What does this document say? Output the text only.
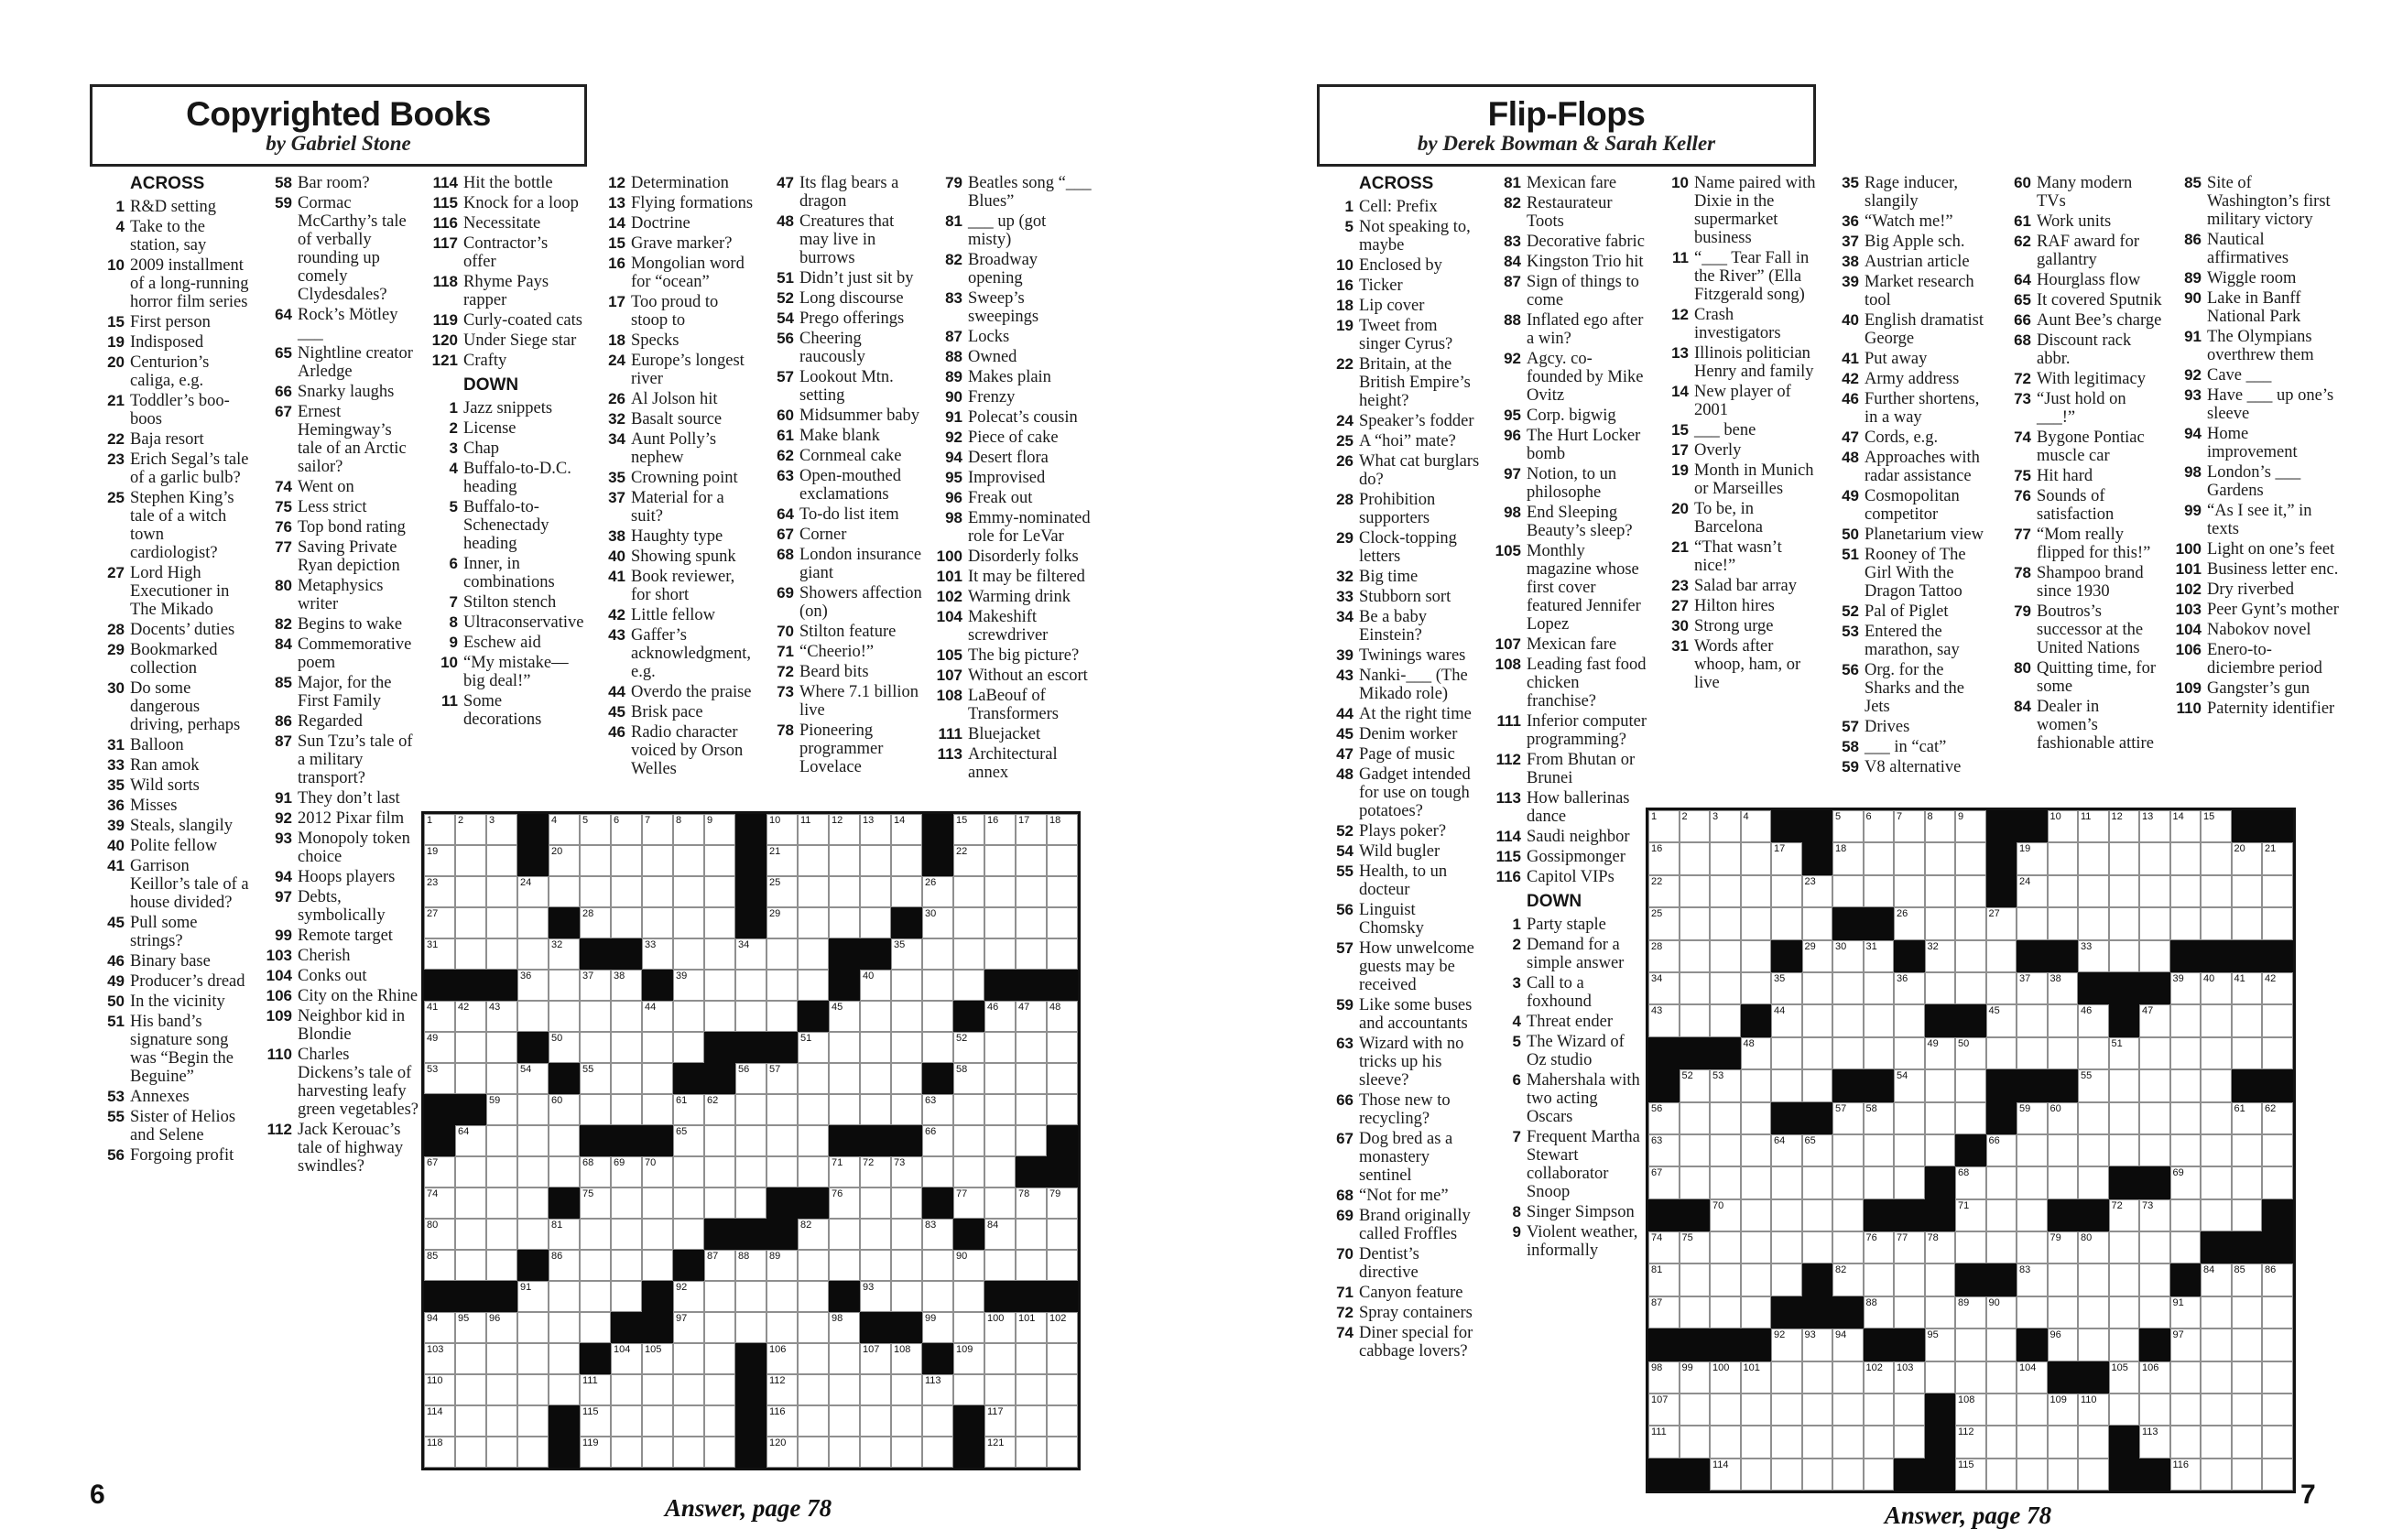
Copyrighted Books
by Gabriel Stone
ACROSS
1 R&D setting
4 Take to the station, say
10 2009 installment of a long-running horror film series
15 First person
19 Indisposed
20 Centurion’s caliga, e.g.
21 Toddler’s boo-boos
22 Baja resort
23 Erich Segal’s tale of a garlic bulb?
25 Stephen King’s tale of a witch town cardiologist?
27 Lord High Executioner in The Mikado
28 Docents’ duties
29 Bookmarked collection
30 Do some dangerous driving, perhaps
31 Balloon
33 Ran amok
35 Wild sorts
36 Misses
39 Steals, slangily
40 Polite fellow
41 Garrison Keillor’s tale of a house divided?
45 Pull some strings?
46 Binary base
49 Producer’s dread
50 In the vicinity
51 His band’s signature song was “Begin the Beguine”
53 Annexes
55 Sister of Helios and Selene
56 Forgoing profit
58 Bar room?
59 Cormac McCarthy’s tale of verbally rounding up comely Clydesdales?
64 Rock’s Mötley ___
65 Nightline creator Arledge
66 Snarky laughs
67 Ernest Hemingway’s tale of an Arctic sailor?
74 Went on
75 Less strict
76 Top bond rating
77 Saving Private Ryan depiction
80 Metaphysics writer
82 Begins to wake
84 Commemorative poem
85 Major, for the First Family
86 Regarded
87 Sun Tzu’s tale of a military transport?
91 They don’t last
92 2012 Pixar film
93 Monopoly token choice
94 Hoops players
97 Debts, symbolically
99 Remote target
103 Cherish
104 Conks out
106 City on the Rhine
109 Neighbor kid in Blondie
110 Charles Dickens’s tale of harvesting leafy green vegetables?
112 Jack Kerouac’s tale of highway swindles?
114 Hit the bottle
115 Knock for a loop
116 Necessitate
117 Contractor’s offer
118 Rhyme Pays rapper
119 Curly-coated cats
120 Under Siege star
121 Crafty
DOWN
1 Jazz snippets
2 License
3 Chap
4 Buffalo-to-D.C. heading
5 Buffalo-to-Schenectady heading
6 Inner, in combinations
7 Stilton stench
8 Ultraconservative
9 Eschew aid
10 “My mistake—big deal!”
11 Some decorations
12 Determination
13 Flying formations
14 Doctrine
15 Grave marker?
16 Mongolian word for “ocean”
17 Too proud to stoop to
18 Specks
24 Europe’s longest river
26 Al Jolson hit
32 Basalt source
34 Aunt Polly’s nephew
35 Crowning point
37 Material for a suit?
38 Haughty type
40 Showing spunk
41 Book reviewer, for short
42 Little fellow
43 Gaffer’s acknowledgment, e.g.
44 Overdo the praise
45 Brisk pace
46 Radio character voiced by Orson Welles
47 Its flag bears a dragon
48 Creatures that may live in burrows
51 Didn’t just sit by
52 Long discourse
54 Prego offerings
56 Cheering raucously
57 Lookout Mtn. setting
60 Midsummer baby
61 Make blank
62 Cornmeal cake
63 Open-mouthed exclamations
64 To-do list item
67 Corner
68 London insurance giant
69 Showers affection (on)
70 Stilton feature
71 “Cheerio!”
72 Beard bits
73 Where 7.1 billion live
78 Pioneering programmer Lovelace
79 Beatles song “___ Blues”
81 ___ up (got misty)
82 Broadway opening
83 Sweep’s sweepings
87 Locks
88 Owned
89 Makes plain
90 Frenzy
91 Polecat’s cousin
92 Piece of cake
94 Desert flora
95 Improvised
96 Freak out
98 Emmy-nominated role for LeVar
100 Disorderly folks
101 It may be filtered
102 Warming drink
104 Makeshift screwdriver
105 The big picture?
107 Without an escort
108 LaBeouf of Transformers
111 Bluejacket
113 Architectural annex
1	2	3	4	5	6	7	8	9	10 11 12 13 14	15 16 17 18
19	20	21	22
23	24	25	26
27	28	29	30
31	32	33	34	35
36	37 38	39	40
41 42 43	44	45	46 47 48
49	50	51	52
53	54	55	56 57	58
59	60	61 62	63
64	65	66
67	68 69 70	71 72 73
74	75	76	77	78 79
80	81	82	83	84
85	86	87 88 89	90
91	92	93
94 95 96	97	98	99	100 101 102
103	104 105	106	107 108	109
110	111	112	113
114	115	116	117
118	119	120	121
Answer, page 78
6
Flip-Flops
by Derek Bowman & Sarah Keller
ACROSS
1 Cell: Prefix
5 Not speaking to, maybe
10 Enclosed by
16 Ticker
18 Lip cover
19 Tweet from singer Cyrus?
22 Britain, at the British Empire’s height?
24 Speaker’s fodder
25 A “hoi” mate?
26 What cat burglars do?
28 Prohibition supporters
29 Clock-topping letters
32 Big time
33 Stubborn sort
34 Be a baby Einstein?
39 Twinings wares
43 Nanki-___ (The Mikado role)
44 At the right time
45 Denim worker
47 Page of music
48 Gadget intended for use on tough potatoes?
52 Plays poker?
54 Wild bugler
55 Health, to un docteur
56 Linguist Chomsky
57 How unwelcome guests may be received
59 Like some buses and accountants
63 Wizard with no tricks up his sleeve?
66 Those new to recycling?
67 Dog bred as a monastery sentinel
68 “Not for me”
69 Brand originally called Froffles
70 Dentist’s directive
71 Canyon feature
72 Spray containers
74 Diner special for cabbage lovers?
81 Mexican fare
82 Restaurateur Toots
83 Decorative fabric
84 Kingston Trio hit
87 Sign of things to come
88 Inflated ego after a win?
92 Agcy. co-founded by Mike Ovitz
95 Corp. bigwig
96 The Hurt Locker bomb
97 Notion, to un philosophe
98 End Sleeping Beauty’s sleep?
105 Monthly magazine whose first cover featured Jennifer Lopez
107 Mexican fare
108 Leading fast food chicken franchise?
111 Inferior computer programming?
112 From Bhutan or Brunei
113 How ballerinas dance
114 Saudi neighbor
115 Gossipmonger
116 Capitol VIPs
DOWN
1 Party staple
2 Demand for a simple answer
3 Call to a foxhound
4 Threat ender
5 The Wizard of Oz studio
6 Mahershala with two acting Oscars
7 Frequent Martha Stewart collaborator Snoop
8 Singer Simpson
9 Violent weather, informally
10 Name paired with Dixie in the supermarket business
11 “___ Tear Fall in the River” (Ella Fitzgerald song)
12 Crash investigators
13 Illinois politician Henry and family
14 New player of 2001
15 ___ bene
17 Overly
19 Month in Munich or Marseilles
20 To be, in Barcelona
21 “That wasn’t nice!”
23 Salad bar array
27 Hilton hires
30 Strong urge
31 Words after whoop, ham, or live
35 Rage inducer, slangily
36 “Watch me!”
37 Big Apple sch.
38 Austrian article
39 Market research tool
40 English dramatist George
41 Put away
42 Army address
46 Further shortens, in a way
47 Cords, e.g.
48 Approaches with radar assistance
49 Cosmopolitan competitor
50 Planetarium view
51 Rooney of The Girl With the Dragon Tattoo
52 Pal of Piglet
53 Entered the marathon, say
56 Org. for the Sharks and the Jets
57 Drives
58 ___ in “cat”
59 V8 alternative
60 Many modern TVs
61 Work units
62 RAF award for gallantry
64 Hourglass flow
65 It covered Sputnik
66 Aunt Bee’s charge
68 Discount rack abbr.
72 With legitimacy
73 “Just hold on ___!”
74 Bygone Pontiac muscle car
75 Hit hard
76 Sounds of satisfaction
77 “Mom really flipped for this!”
78 Shampoo brand since 1930
79 Boutros’s successor at the United Nations
80 Quitting time, for some
84 Dealer in women’s fashionable attire
85 Site of Washington’s first military victory
86 Nautical affirmatives
89 Wiggle room
90 Lake in Banff National Park
91 The Olympians overthrew them
92 Cave ___
93 Have ___ up one’s sleeve
94 Home improvement
98 London’s ___ Gardens
99 “As I see it,” in texts
100 Light on one’s feet
101 Business letter enc.
102 Dry riverbed
103 Peer Gynt’s mother
104 Nabokov novel
106 Enero-to-diciembre period
109 Gangster’s gun
110 Paternity identifier
1 2 3 4	5 6 7 8 9	10 11 12 13 14 15
16	17	18	19	20 21
22	23	24
25	26	27
28	29 30 31	32	33
34	35	36	37 38	39 40 41 42
43	44	45	46	47
48	49 50	51
52 53	54	55
56	57 58	59 60	61 62
63	64 65	66
67	68	69
70	71	72 73
74 75	76 77 78	79 80
81	82	83	84 85 86
87	88	89 90	91
92 93 94	95	96	97
98 99 100 101	102 103	104	105 106
107	108	109 110
111	112	113
114	115	116
Answer, page 78
7
